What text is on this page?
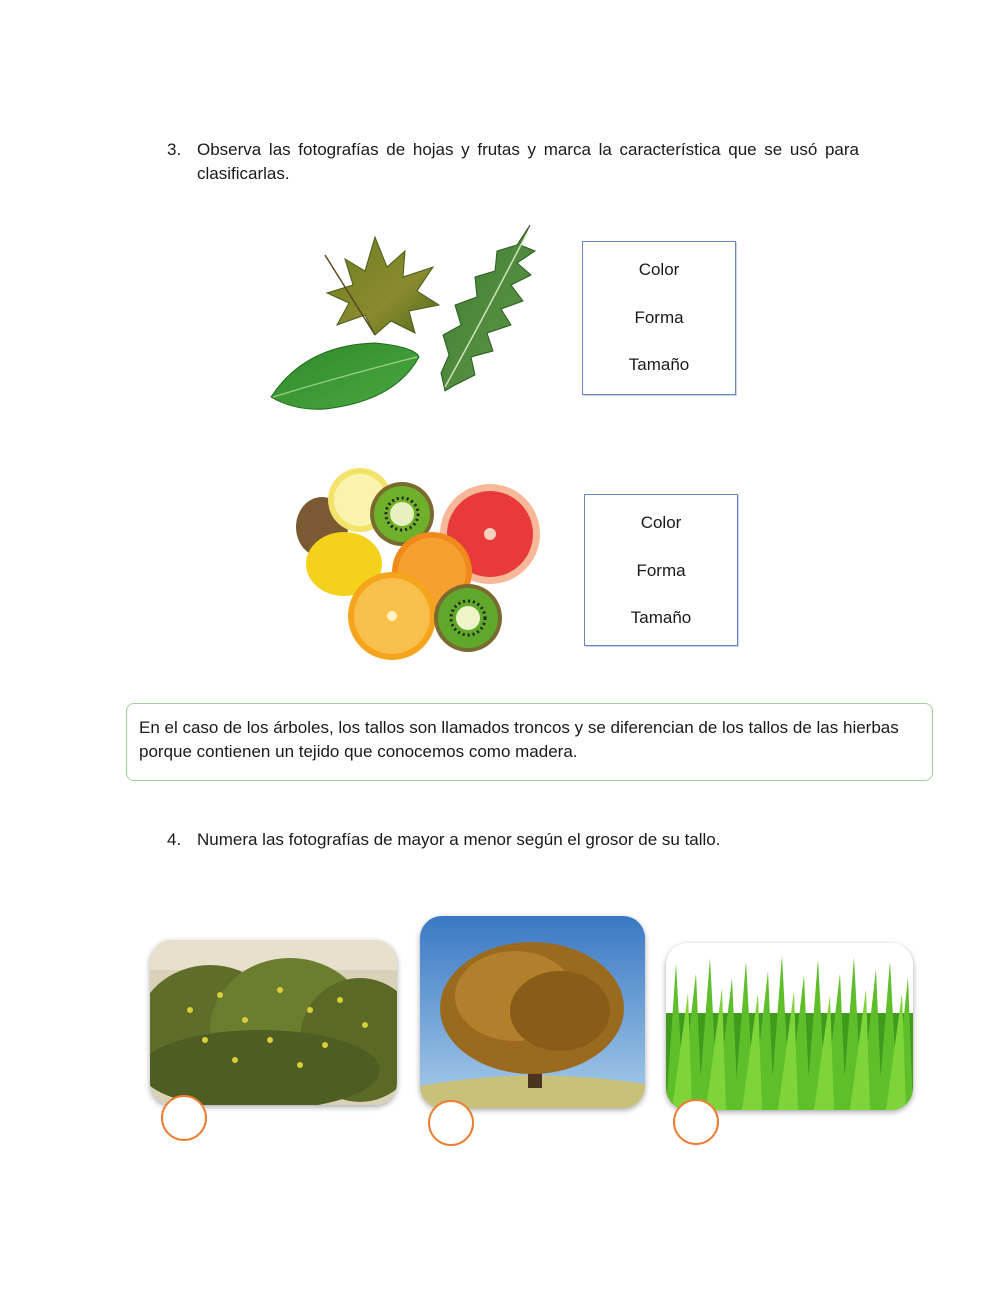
3. Observa las fotografías de hojas y frutas y marca la característica que se usó para clasificarlas.
Color
Forma
Tamaño
Color
Forma
Tamaño
En el caso de los árboles, los tallos son llamados troncos y se diferencian de los tallos de las hierbas porque contienen un tejido que conocemos como madera.
4. Numera las fotografías de mayor a menor según el grosor de su tallo.
